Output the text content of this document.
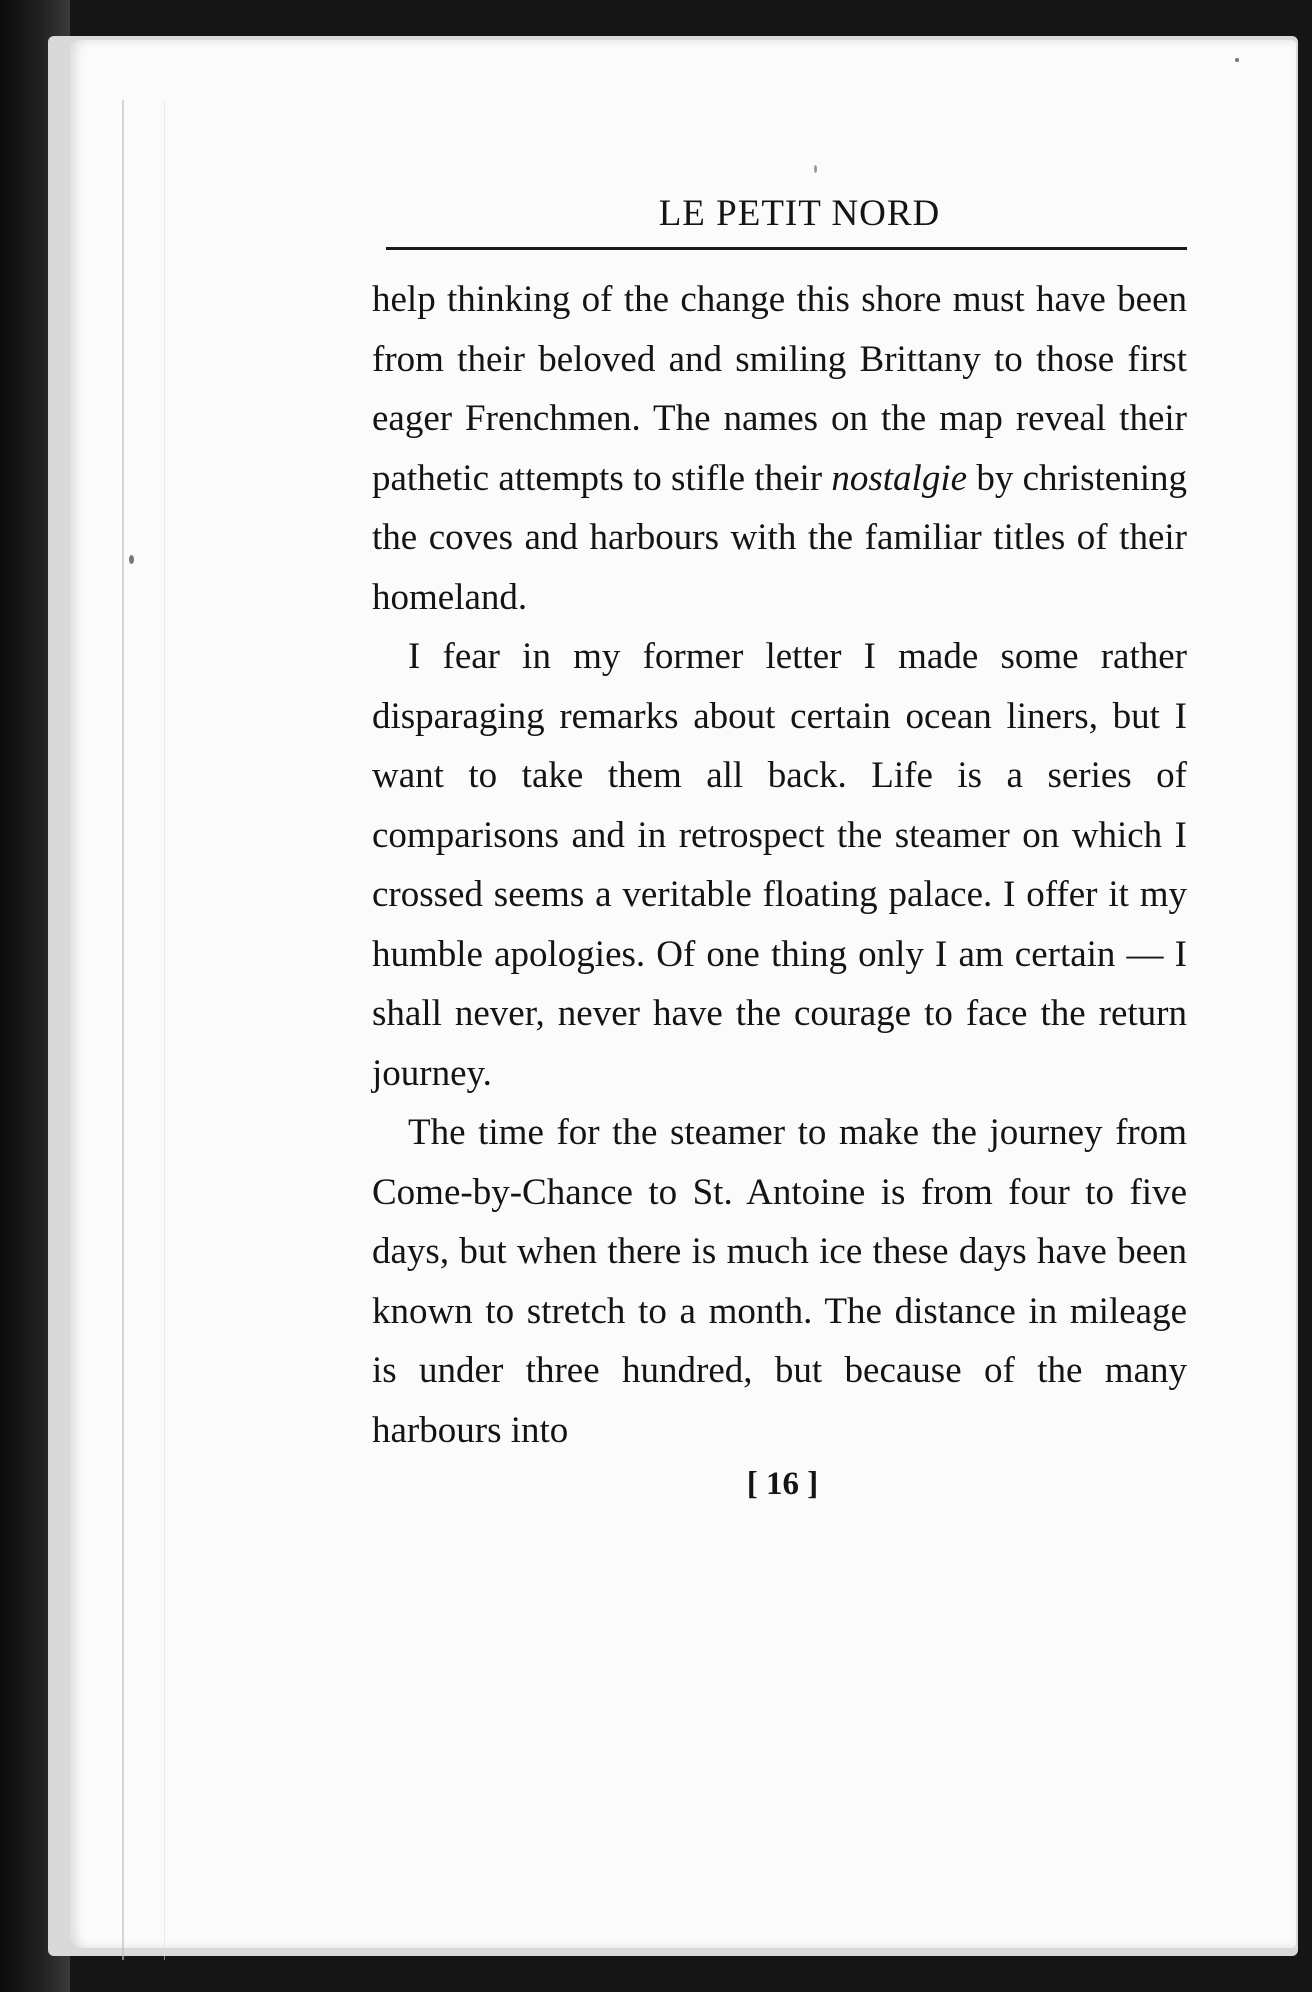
LE PETIT NORD

help thinking of the change this shore must have been from their beloved and smiling Brittany to those first eager Frenchmen. The names on the map reveal their pathetic attempts to stifle their nostalgie by christening the coves and harbours with the familiar titles of their homeland.

I fear in my former letter I made some rather disparaging remarks about certain ocean liners, but I want to take them all back. Life is a series of comparisons and in retrospect the steamer on which I crossed seems a veritable floating palace. I offer it my humble apologies. Of one thing only I am certain — I shall never, never have the courage to face the return journey.

The time for the steamer to make the journey from Come-by-Chance to St. Antoine is from four to five days, but when there is much ice these days have been known to stretch to a month. The distance in mileage is under three hundred, but because of the many harbours into

[ 16 ]
